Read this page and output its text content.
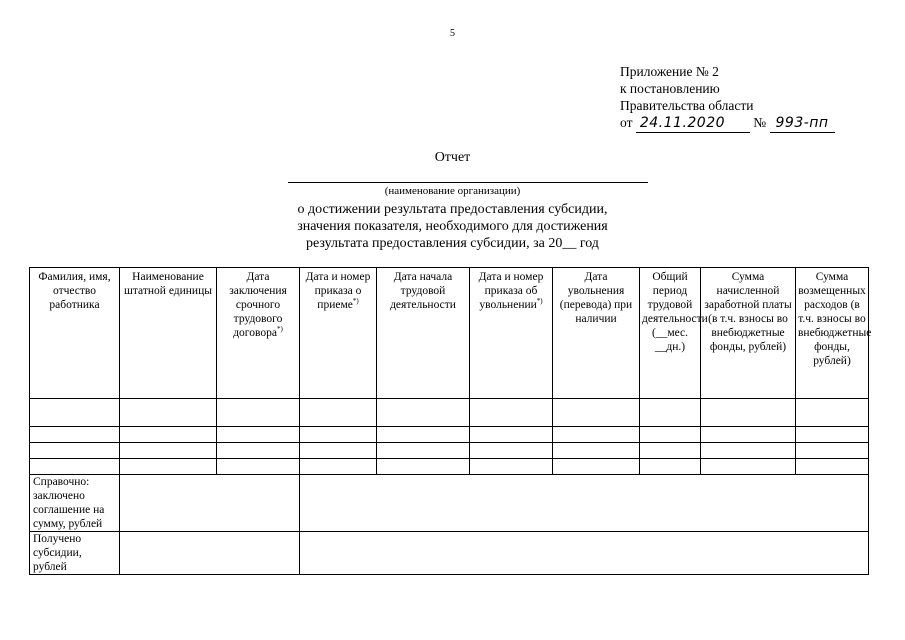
5
Приложение № 2
к постановлению
Правительства области
от 24.11.2020 № 993-пп
Отчет
(наименование организации)
о достижении результата предоставления субсидии,
значения показателя, необходимого для достижения
результата предоставления субсидии, за 20__ год
Фамилия, имя, отчество работника	Наименование штатной единицы	Дата заключения срочного трудового договора*)	Дата и номер приказа о приеме*)	Дата начала трудовой деятельности	Дата и номер приказа об увольнении*)	Дата увольнения (перевода) при наличии	Общий период трудовой деятельности (__мес. __дн.)	Сумма начисленной заработной платы (в т.ч. взносы во внебюджетные фонды, рублей)	Сумма возмещенных расходов (в т.ч. взносы во внебюджетные фонды, рублей)

Справочно: заключено соглашение на сумму, рублей									
Получено субсидии, рублей									
